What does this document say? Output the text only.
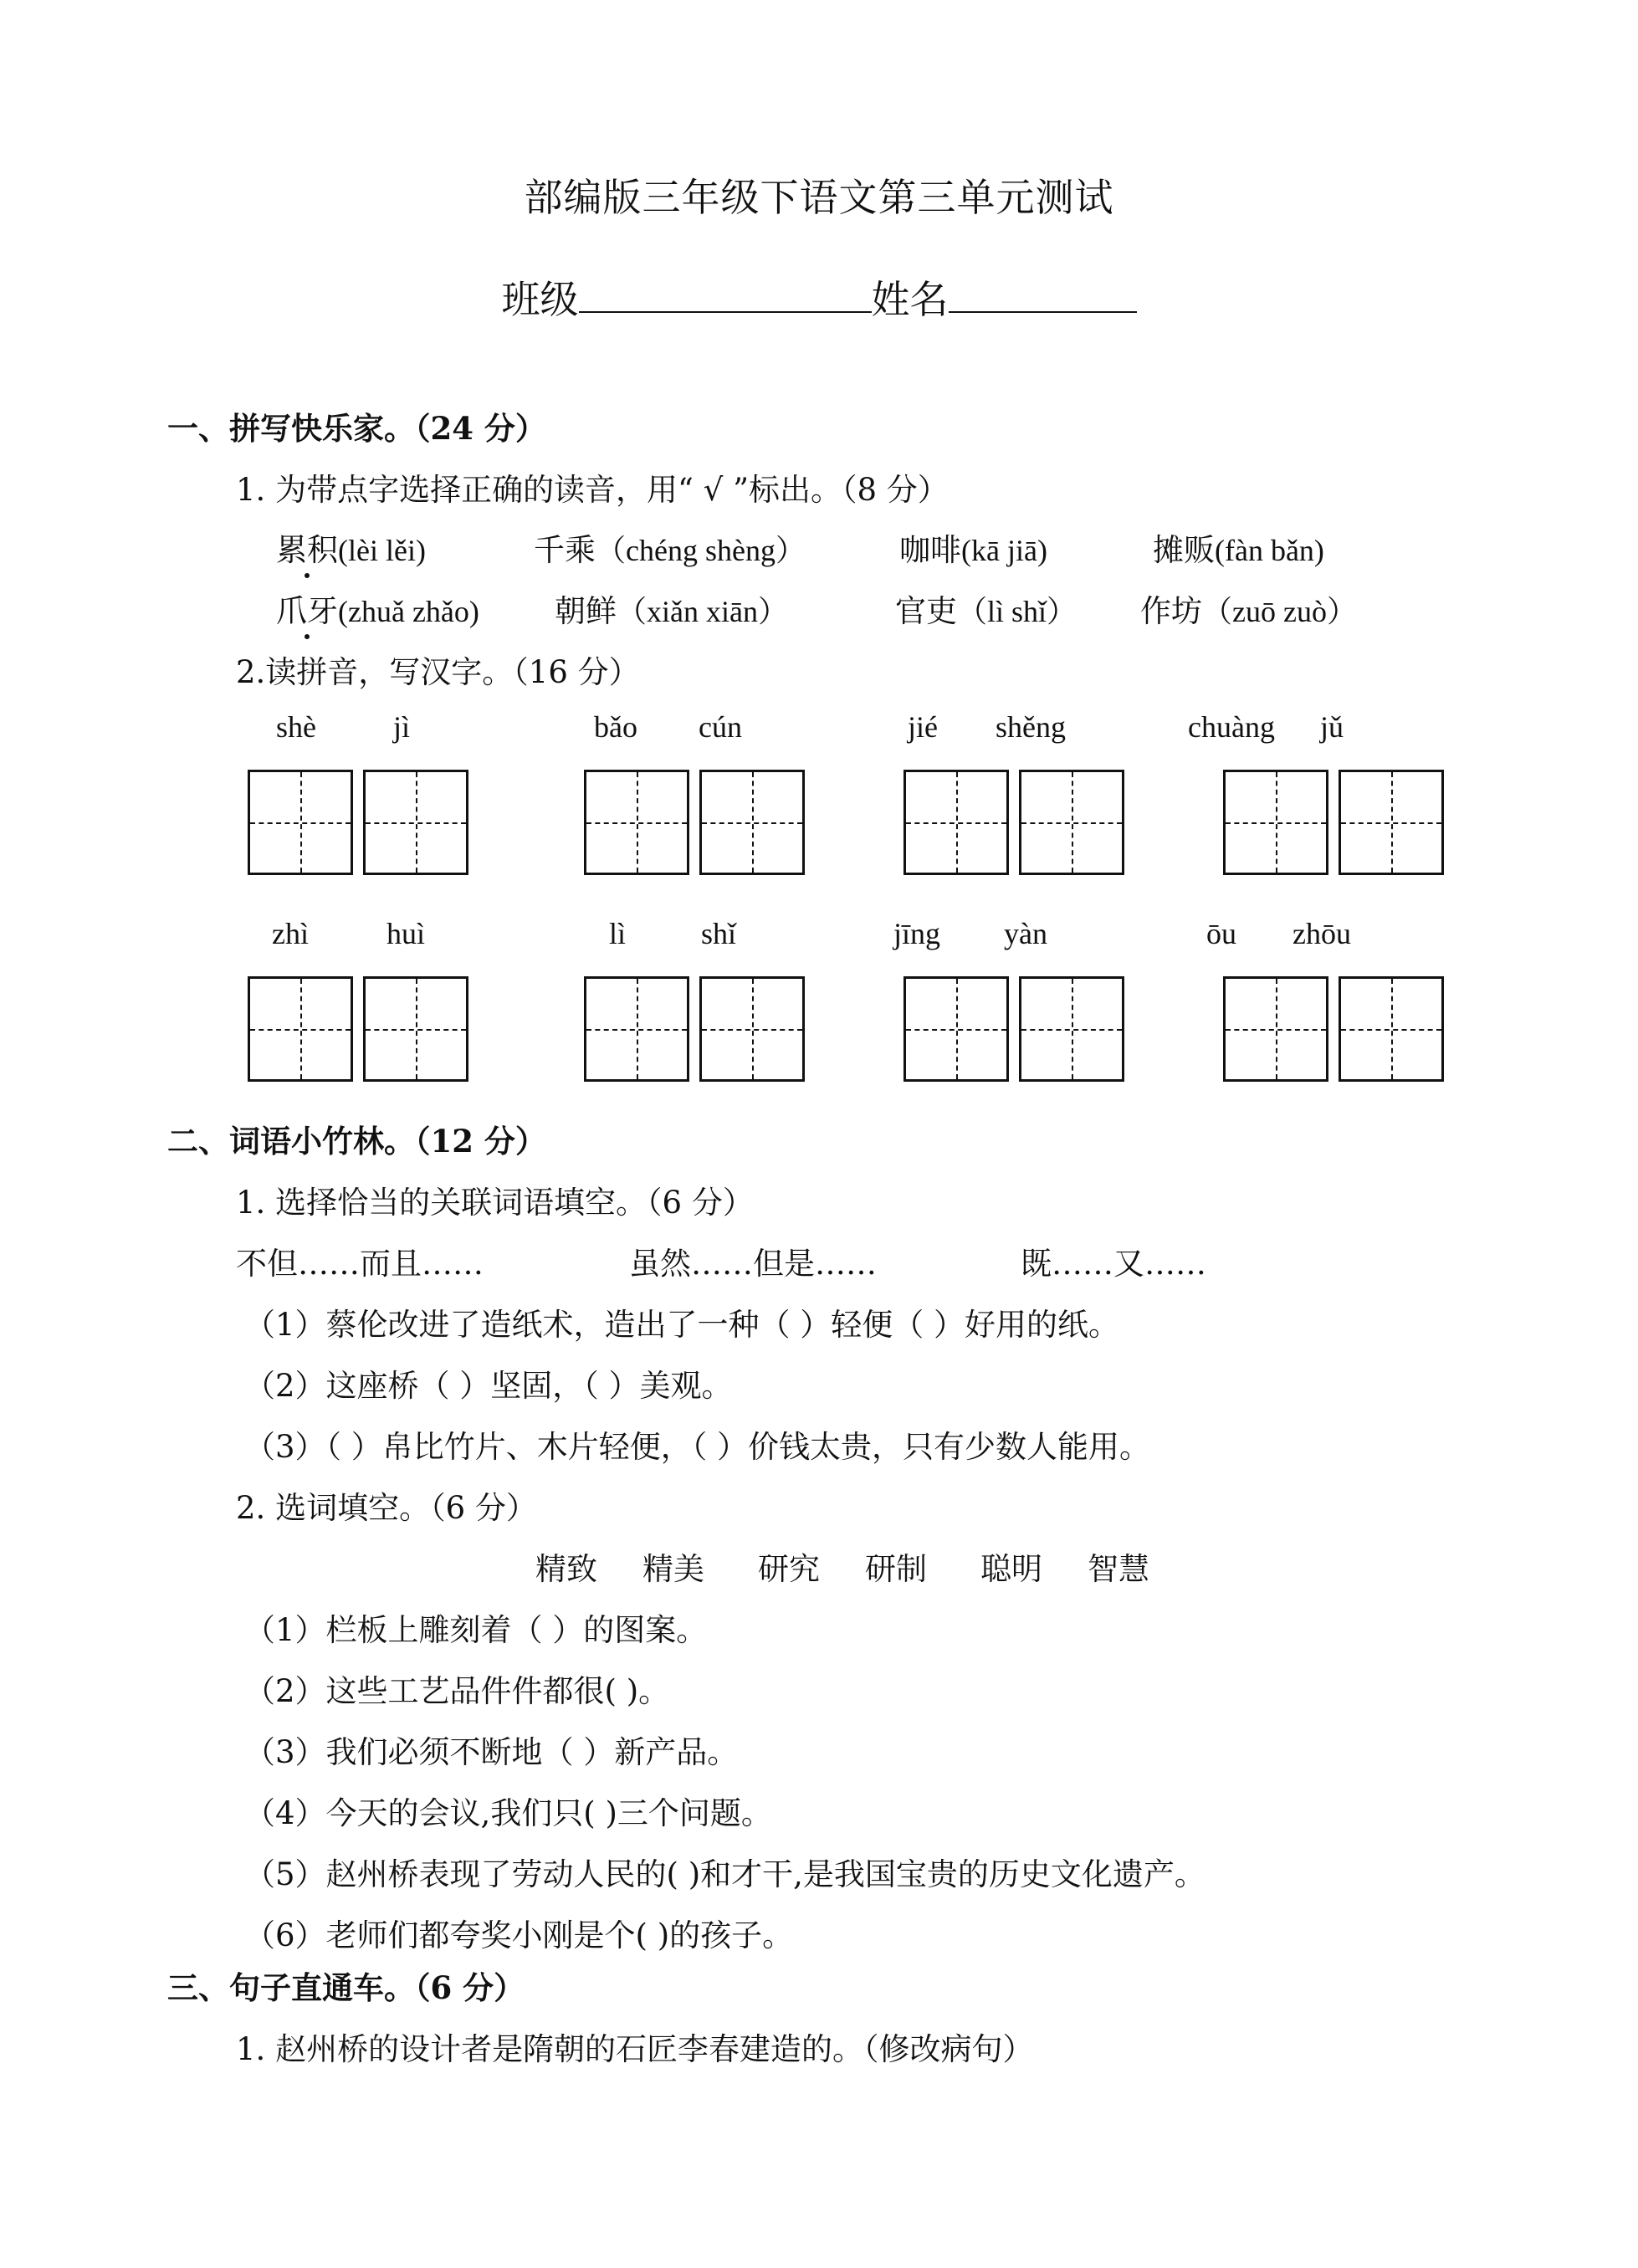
部编版三年级下语文第三单元测试
班级	姓名
一、拼写快乐家。（24 分）
1. 为带点字选择正确的读音，用“ √ ”标出。（8 分）
累积(lèi lěi)	千乘（chéng shèng）	咖啡(kā jiā)	摊贩(fàn bǎn)
爪牙(zhuǎ zhǎo) 朝鲜（xiǎn xiān）	官吏（lì shǐ） 作坊（zuō zuò）
2.读拼音，写汉字。（16 分）
shè	jì	bǎo cún	jié shěng	chuàng jǔ
zhì	huì	lì shǐ	jīng yàn	ōu zhōu
二、词语小竹林。（12 分）
1. 选择恰当的关联词语填空。（6 分）
不但……而且……	虽然……但是……	既……又……
（1）蔡伦改进了造纸术，造出了一种（ ）轻便（ ）好用的纸。
（2）这座桥（ ）坚固，（ ）美观。
（3）（ ）帛比竹片、木片轻便，（ ）价钱太贵，只有少数人能用。
2. 选词填空。（6 分）
精致 精美 研究 研制 聪明 智慧
（1）栏板上雕刻着（ ）的图案。
（2）这些工艺品件件都很( )。
（3）我们必须不断地（ ）新产品。
（4）今天的会议,我们只( )三个问题。
（5）赵州桥表现了劳动人民的( )和才干,是我国宝贵的历史文化遗产。
（6）老师们都夸奖小刚是个( )的孩子。
三、句子直通车。（6 分）
1. 赵州桥的设计者是隋朝的石匠李春建造的。（修改病句）
